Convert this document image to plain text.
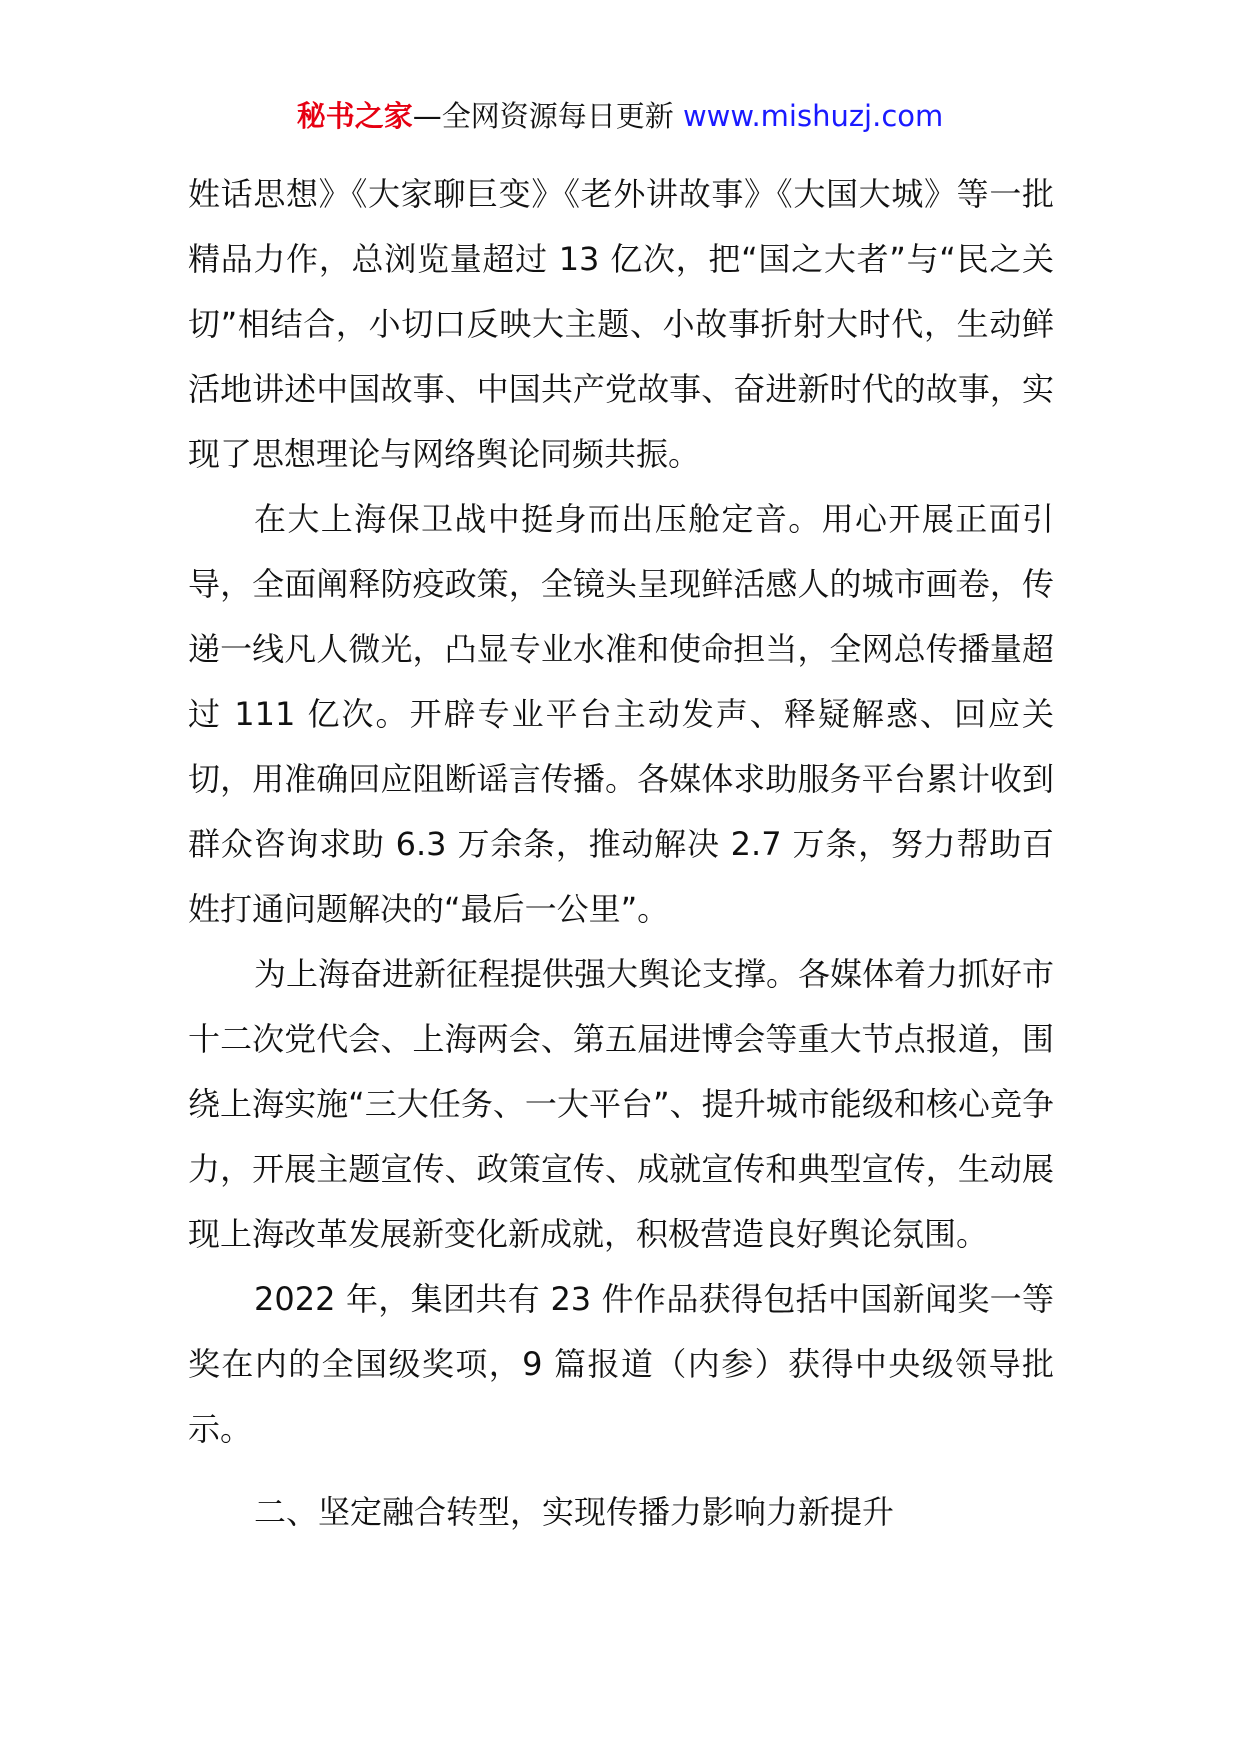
秘书之家—全网资源每日更新 www.mishuzj.com

姓话思想》《大家聊巨变》《老外讲故事》《大国大城》等一批精品力作，总浏览量超过 13 亿次，把“国之大者”与“民之关切”相结合，小切口反映大主题、小故事折射大时代，生动鲜活地讲述中国故事、中国共产党故事、奋进新时代的故事，实现了思想理论与网络舆论同频共振。

在大上海保卫战中挺身而出压舱定音。用心开展正面引导，全面阐释防疫政策，全镜头呈现鲜活感人的城市画卷，传递一线凡人微光，凸显专业水准和使命担当，全网总传播量超过 111 亿次。开辟专业平台主动发声、释疑解惑、回应关切，用准确回应阻断谣言传播。各媒体求助服务平台累计收到群众咨询求助 6.3 万余条，推动解决 2.7 万条，努力帮助百姓打通问题解决的“最后一公里”。

为上海奋进新征程提供强大舆论支撑。各媒体着力抓好市十二次党代会、上海两会、第五届进博会等重大节点报道，围绕上海实施“三大任务、一大平台”、提升城市能级和核心竞争力，开展主题宣传、政策宣传、成就宣传和典型宣传，生动展现上海改革发展新变化新成就，积极营造良好舆论氛围。

2022 年，集团共有 23 件作品获得包括中国新闻奖一等奖在内的全国级奖项，9 篇报道（内参）获得中央级领导批示。

二、坚定融合转型，实现传播力影响力新提升
